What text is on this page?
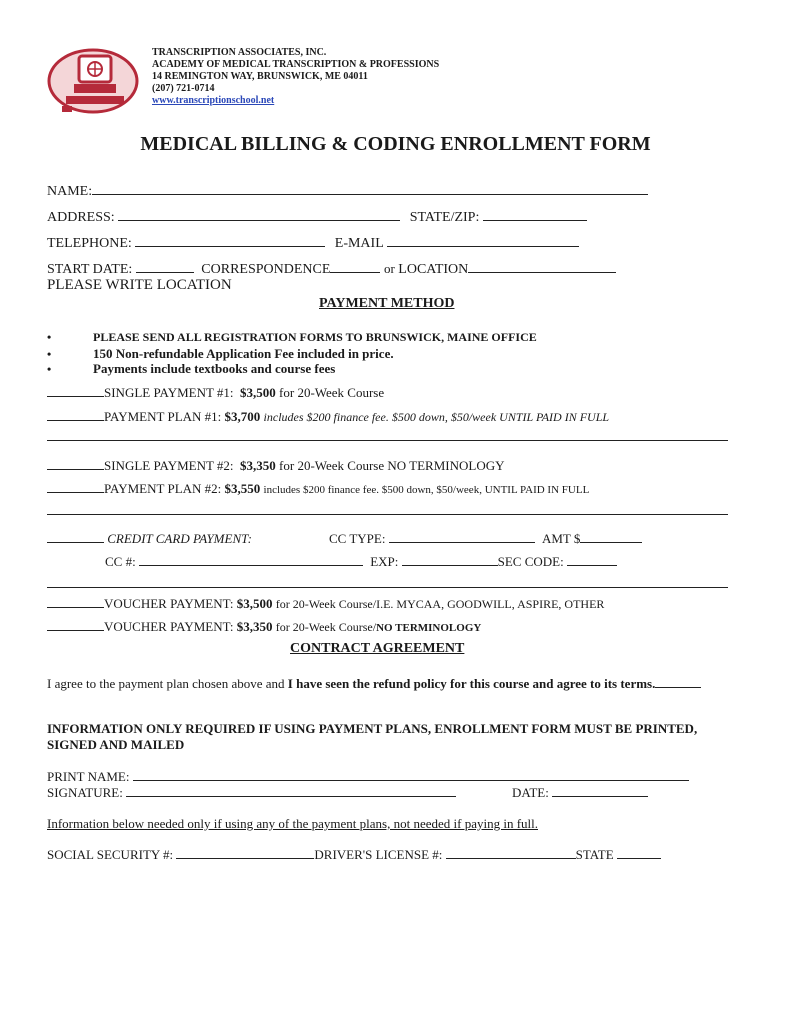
TRANSCRIPTION ASSOCIATES, INC.
ACADEMY OF MEDICAL TRANSCRIPTION & PROFESSIONS
14 REMINGTON WAY, BRUNSWICK, ME 04011
(207) 721-0714
www.transcriptionschool.net
MEDICAL BILLING & CODING ENROLLMENT FORM
NAME:
ADDRESS:	STATE/ZIP:
TELEPHONE:	E-MAIL
START DATE:	CORRESPONDENCE	or LOCATION
PLEASE WRITE LOCATION
PAYMENT METHOD
•	PLEASE SEND ALL REGISTRATION FORMS TO BRUNSWICK, MAINE OFFICE
•	150 Non-refundable Application Fee included in price.
•	Payments include textbooks and course fees
SINGLE PAYMENT #1: $3,500 for 20-Week Course
PAYMENT PLAN #1: $3,700 includes $200 finance fee. $500 down, $50/week UNTIL PAID IN FULL
SINGLE PAYMENT #2: $3,350 for 20-Week Course NO TERMINOLOGY
PAYMENT PLAN #2: $3,550 includes $200 finance fee. $500 down, $50/week, UNTIL PAID IN FULL
CREDIT CARD PAYMENT:	CC TYPE:	AMT $
CC #:	EXP:	SEC CODE:
VOUCHER PAYMENT: $3,500 for 20-Week Course/I.E. MYCAA, GOODWILL, ASPIRE, OTHER
VOUCHER PAYMENT: $3,350 for 20-Week Course/NO TERMINOLOGY
CONTRACT AGREEMENT
I agree to the payment plan chosen above and I have seen the refund policy for this course and agree to its terms.
INFORMATION ONLY REQUIRED IF USING PAYMENT PLANS, ENROLLMENT FORM MUST BE PRINTED, SIGNED AND MAILED
PRINT NAME:
SIGNATURE:	DATE:
Information below needed only if using any of the payment plans, not needed if paying in full.
SOCIAL SECURITY #:	DRIVER'S LICENSE #:	STATE
